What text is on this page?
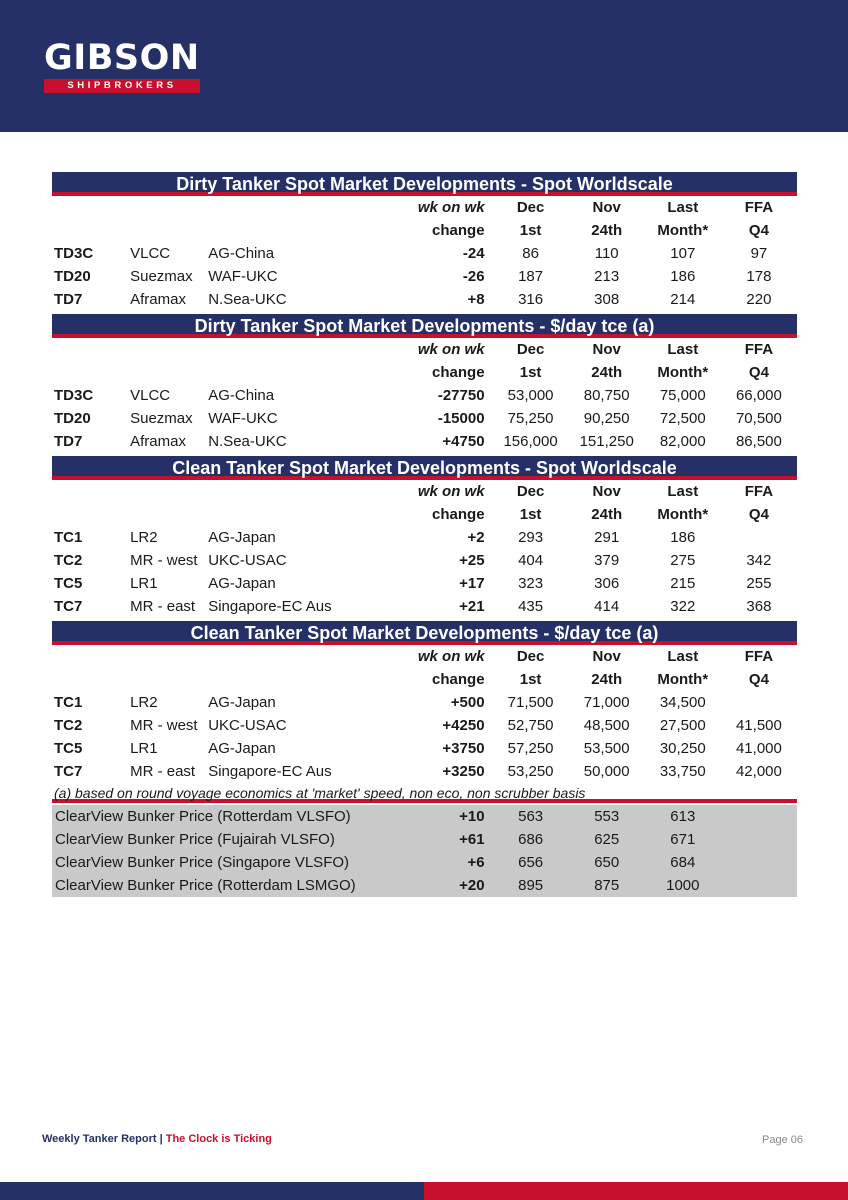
GIBSON
SHIPBROKERS
Dirty Tanker Spot Market Developments - Spot Worldscale
			wk on wk	Dec	Nov	Last	FFA
			change	1st	24th	Month*	Q4
TD3C	VLCC	AG-China	-24	86	110	107	97
TD20	Suezmax	WAF-UKC	-26	187	213	186	178
TD7	Aframax	N.Sea-UKC	+8	316	308	214	220
Dirty Tanker Spot Market Developments - $/day tce (a)
			wk on wk	Dec	Nov	Last	FFA
			change	1st	24th	Month*	Q4
TD3C	VLCC	AG-China	-27750	53,000	80,750	75,000	66,000
TD20	Suezmax	WAF-UKC	-15000	75,250	90,250	72,500	70,500
TD7	Aframax	N.Sea-UKC	+4750	156,000	151,250	82,000	86,500
Clean Tanker Spot Market Developments - Spot Worldscale
			wk on wk	Dec	Nov	Last	FFA
			change	1st	24th	Month*	Q4
TC1	LR2	AG-Japan	+2	293	291	186	
TC2	MR - west	UKC-USAC	+25	404	379	275	342
TC5	LR1	AG-Japan	+17	323	306	215	255
TC7	MR - east	Singapore-EC Aus	+21	435	414	322	368
Clean Tanker Spot Market Developments - $/day tce (a)
			wk on wk	Dec	Nov	Last	FFA
			change	1st	24th	Month*	Q4
TC1	LR2	AG-Japan	+500	71,500	71,000	34,500	
TC2	MR - west	UKC-USAC	+4250	52,750	48,500	27,500	41,500
TC5	LR1	AG-Japan	+3750	57,250	53,500	30,250	41,000
TC7	MR - east	Singapore-EC Aus	+3250	53,250	50,000	33,750	42,000
(a) based on round voyage economics at 'market' speed, non eco, non scrubber basis
ClearView Bunker Price (Rotterdam VLSFO)	+10	563	553	613	
ClearView Bunker Price (Fujairah VLSFO)	+61	686	625	671	
ClearView Bunker Price (Singapore VLSFO)	+6	656	650	684	
ClearView Bunker Price (Rotterdam LSMGO)	+20	895	875	1000	
Weekly Tanker Report | The Clock is Ticking	Page 06
